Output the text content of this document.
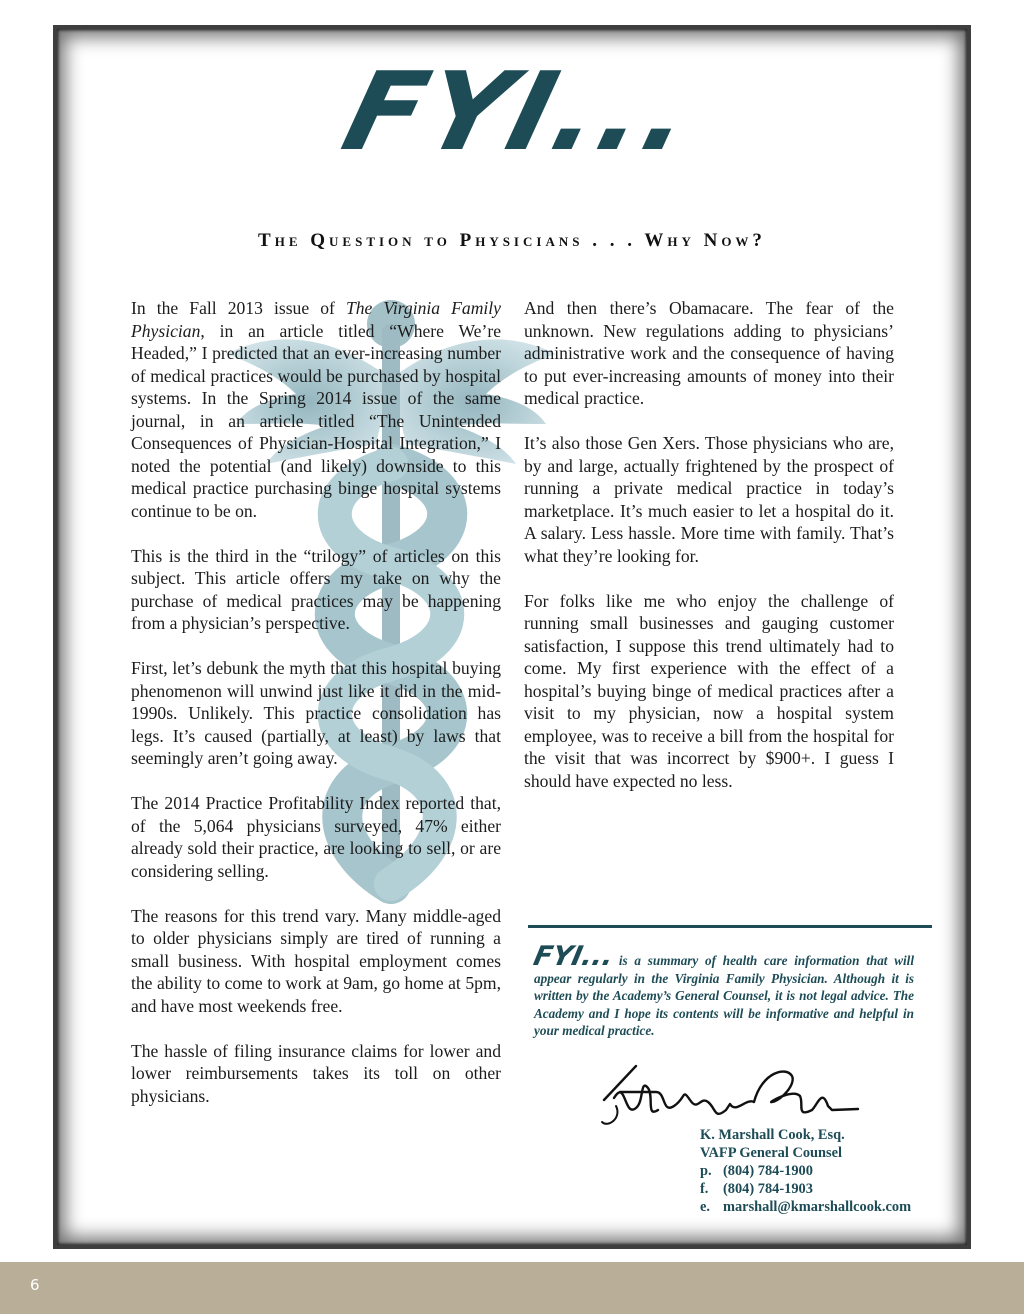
FYI...
The Question to Physicians . . . Why Now?

In the Fall 2013 issue of The Virginia Family Physician, in an article titled “Where We’re Headed,” I predicted that an ever-increasing number of medical practices would be purchased by hospital systems. In the Spring 2014 issue of the same journal, in an article titled “The Unintended Consequences of Physician-Hospital Integration,” I noted the potential (and likely) downside to this medical practice purchasing binge hospital systems continue to be on.

This is the third in the “trilogy” of articles on this subject. This article offers my take on why the purchase of medical practices may be happening from a physician’s perspective.

First, let’s debunk the myth that this hospital buying phenomenon will unwind just like it did in the mid-1990s. Unlikely. This practice consolidation has legs. It’s caused (partially, at least) by laws that seemingly aren’t going away.

The 2014 Practice Profitability Index reported that, of the 5,064 physicians surveyed, 47% either already sold their practice, are looking to sell, or are considering selling.

The reasons for this trend vary. Many middle-aged to older physicians simply are tired of running a small business. With hospital employment comes the ability to come to work at 9am, go home at 5pm, and have most weekends free.

The hassle of filing insurance claims for lower and lower reimbursements takes its toll on other physicians.

And then there’s Obamacare. The fear of the unknown. New regulations adding to physicians’ administrative work and the consequence of having to put ever-increasing amounts of money into their medical practice.

It’s also those Gen Xers. Those physicians who are, by and large, actually frightened by the prospect of running a private medical practice in today’s marketplace. It’s much easier to let a hospital do it. A salary. Less hassle. More time with family. That’s what they’re looking for.

For folks like me who enjoy the challenge of running small businesses and gauging customer satisfaction, I suppose this trend ultimately had to come. My first experience with the effect of a hospital’s buying binge of medical practices after a visit to my physician, now a hospital system employee, was to receive a bill from the hospital for the visit that was incorrect by $900+. I guess I should have expected no less.

FYI... is a summary of health care information that will appear regularly in the Virginia Family Physician. Although it is written by the Academy’s General Counsel, it is not legal advice. The Academy and I hope its contents will be informative and helpful in your medical practice.
K. Marshall Cook, Esq.
VAFP General Counsel
p. (804) 784-1900
f. (804) 784-1903
e. marshall@kmarshallcook.com
6
